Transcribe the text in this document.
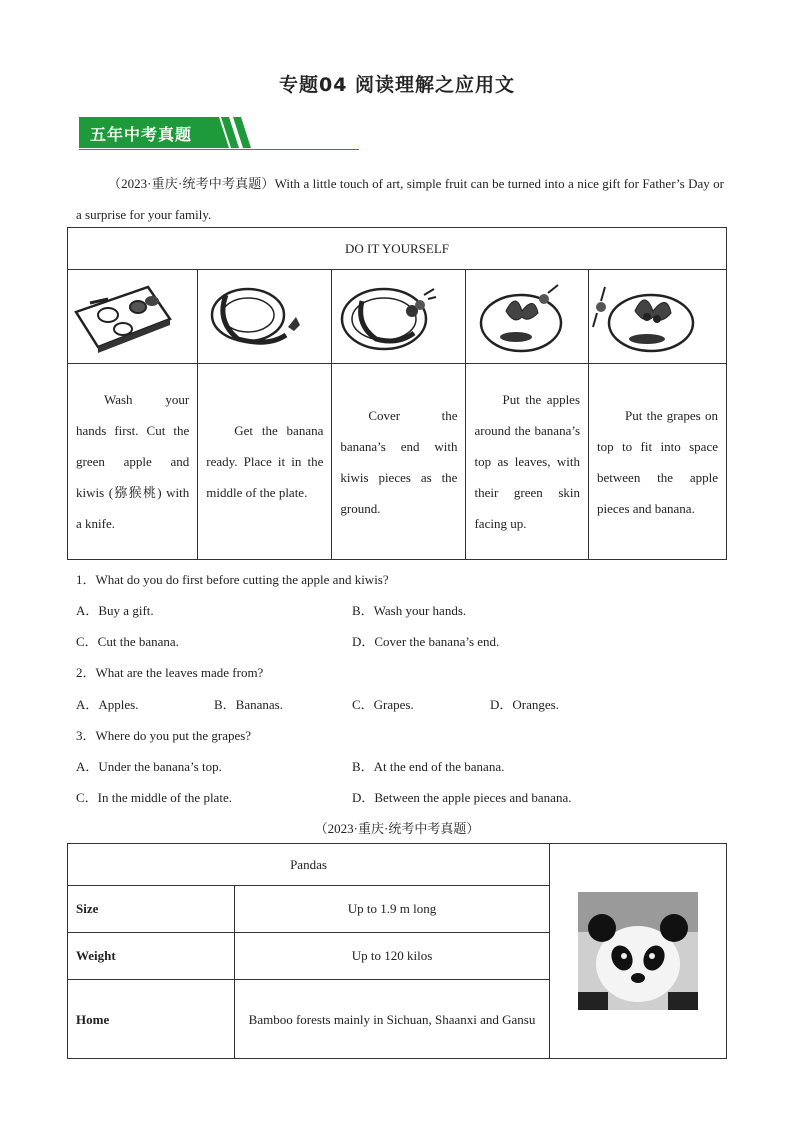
专题04 阅读理解之应用文
五年中考真题
（2023·重庆·统考中考真题）With a little touch of art, simple fruit can be turned into a nice gift for Father’s Day or a surprise for your family.
DO IT YOURSELF				

Wash your hands first. Cut the green apple and kiwis (猕猴桃) with a knife.	Get the banana ready. Place it in the middle of the plate.	Cover the banana’s end with kiwis pieces as the ground.	Put the apples around the banana’s top as leaves, with their green skin facing up.	Put the grapes on top to fit into space between the apple pieces and banana.
1．What do you do first before cutting the apple and kiwis?
A．Buy a gift.	B．Wash your hands.
C．Cut the banana.	D．Cover the banana’s end.
2．What are the leaves made from?
A．Apples.	B．Bananas.	C．Grapes.	D．Oranges.
3．Where do you put the grapes?
A．Under the banana’s top.	B．At the end of the banana.
C．In the middle of the plate.	D．Between the apple pieces and banana.
（2023·重庆·统考中考真题）
Pandas	

Size	Up to 1.9 m long	
Weight	Up to 120 kilos	
Home	Bamboo forests mainly in Sichuan, Shaanxi and Gansu	
